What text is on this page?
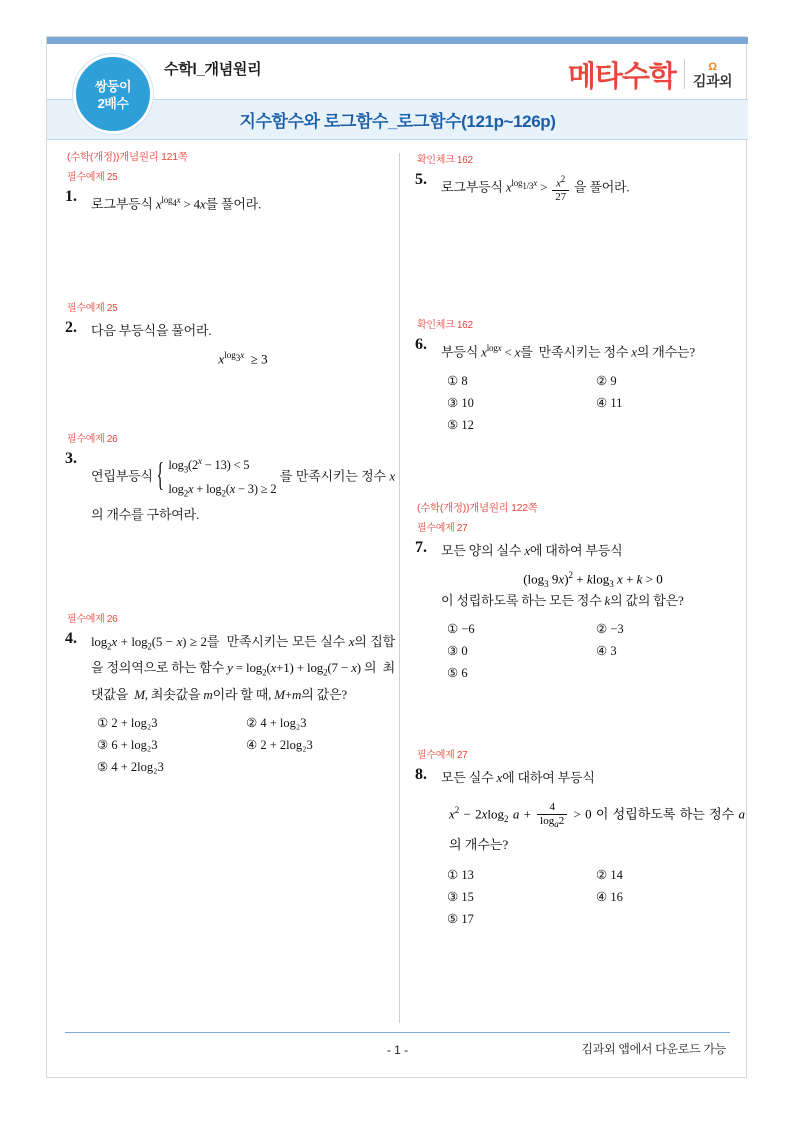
쌍둥이
2배수
수학Ⅰ_개념원리	메타수학	Ω
김과외
지수함수와 로그함수_로그함수(121p~126p)
(수학(개정))개념원리 121쪽
필수예제 25
1. 로그부등식 $x^{log_4x} > 4x$를 풀어라.
필수예제 25
2. 다음 부등식을 풀어라.
$x^{log_3x} \ge 3$
필수예제 26
3.
연립부등식 { $\log_3(2^x - 13) < 5$
$\log_2x + \log_2(x - 3) \ge 2$ 를 만족시키는 정수 x의 개수를 구하여라.
필수예제 26
4. $\log_2x + \log_2(5 - x) \ge 2$를  만족시키는 모든 실수 x의 집합을 정의역으로 하는 함수 $y = \log_2(x+1) + \log_2(7 - x)$ 의  최댓값을  M, 최솟값을 m이라 할 때, M+m의 값은?
① 2 + log₂3	② 4 + log₂3
③ 6 + log₂3	④ 2 + 2log₂3
⑤ 4 + 2log₂3
확인체크 162
5. 로그부등식 $x^{log_{1/3}x} > \frac{x^2}{27}$ 을 풀어라.
확인체크 162
6. 부등식 $x^{logx} < x$를  만족시키는 정수 x의 개수는?
① 8	② 9
③ 10	④ 11
⑤ 12
(수학(개정))개념원리 122쪽
필수예제 27
7. 모든 양의 실수 x에 대하여 부등식
($\log_3$ 9x)$^2$ + klog$_3$ x + k > 0
이 성립하도록 하는 모든 정수 k의 값의 합은?
① −6	② −3
③ 0	④ 3
⑤ 6
필수예제 27
8. 모든 실수 x에 대하여 부등식
$x^2 - 2xlog_2$ $a + \frac{4}{\log_a2} > 0$ 이 성립하도록 하는 정수 a의 개수는?
① 13	② 14
③ 15	④ 16
⑤ 17
- 1 -	김과외 앱에서 다운로드 가능
